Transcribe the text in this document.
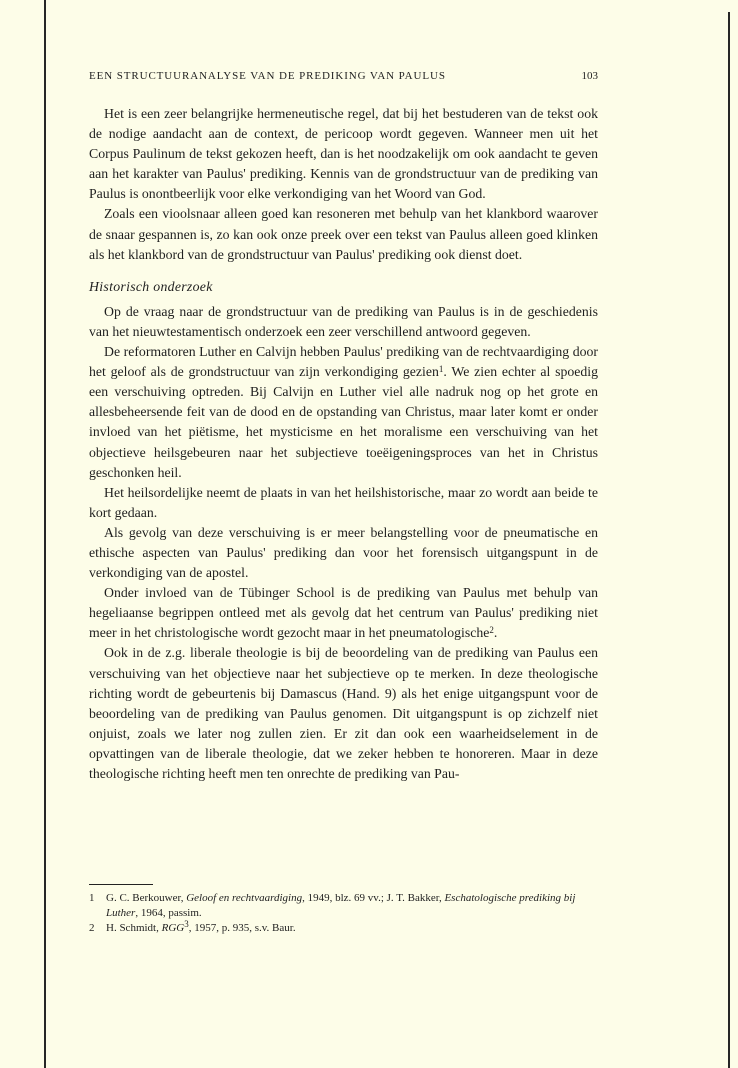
EEN STRUCTUURANALYSE VAN DE PREDIKING VAN PAULUS	103

Het is een zeer belangrijke hermeneutische regel, dat bij het bestuderen van de tekst ook de nodige aandacht aan de context, de pericoop wordt gegeven. Wanneer men uit het Corpus Paulinum de tekst gekozen heeft, dan is het noodzakelijk om ook aandacht te geven aan het karakter van Paulus' prediking. Kennis van de grondstructuur van de prediking van Paulus is onontbeerlijk voor elke verkondiging van het Woord van God.

Zoals een vioolsnaar alleen goed kan resoneren met behulp van het klankbord waarover de snaar gespannen is, zo kan ook onze preek over een tekst van Paulus alleen goed klinken als het klankbord van de grondstructuur van Paulus' prediking ook dienst doet.

Historisch onderzoek

Op de vraag naar de grondstructuur van de prediking van Paulus is in de geschiedenis van het nieuwtestamentisch onderzoek een zeer verschillend antwoord gegeven.

De reformatoren Luther en Calvijn hebben Paulus' prediking van de rechtvaardiging door het geloof als de grondstructuur van zijn verkondiging gezien$^1$. We zien echter al spoedig een verschuiving optreden. Bij Calvijn en Luther viel alle nadruk nog op het grote en allesbeheersende feit van de dood en de opstanding van Christus, maar later komt er onder invloed van het piëtisme, het mysticisme en het moralisme een verschuiving van het objectieve heilsgebeuren naar het subjectieve toeëigeningsproces van het in Christus geschonken heil.

Het heilsordelijke neemt de plaats in van het heilshistorische, maar zo wordt aan beide te kort gedaan.

Als gevolg van deze verschuiving is er meer belangstelling voor de pneumatische en ethische aspecten van Paulus' prediking dan voor het forensisch uitgangspunt in de verkondiging van de apostel.

Onder invloed van de Tübinger School is de prediking van Paulus met behulp van hegeliaanse begrippen ontleed met als gevolg dat het centrum van Paulus' prediking niet meer in het christologische wordt gezocht maar in het pneumatologische$^2$.

Ook in de z.g. liberale theologie is bij de beoordeling van de prediking van Paulus een verschuiving van het objectieve naar het subjectieve op te merken. In deze theologische richting wordt de gebeurtenis bij Damascus (Hand. 9) als het enige uitgangspunt voor de beoordeling van de prediking van Paulus genomen. Dit uitgangspunt is op zichzelf niet onjuist, zoals we later nog zullen zien. Er zit dan ook een waarheidselement in de opvattingen van de liberale theologie, dat we zeker hebben te honoreren. Maar in deze theologische richting heeft men ten onrechte de prediking van Pau-

1 G. C. Berkouwer, Geloof en rechtvaardiging, 1949, blz. 69 vv.; J. T. Bakker, Eschatologische prediking bij Luther, 1964, passim.
2 H. Schmidt, RGG$^3$, 1957, p. 935, s.v. Baur.
